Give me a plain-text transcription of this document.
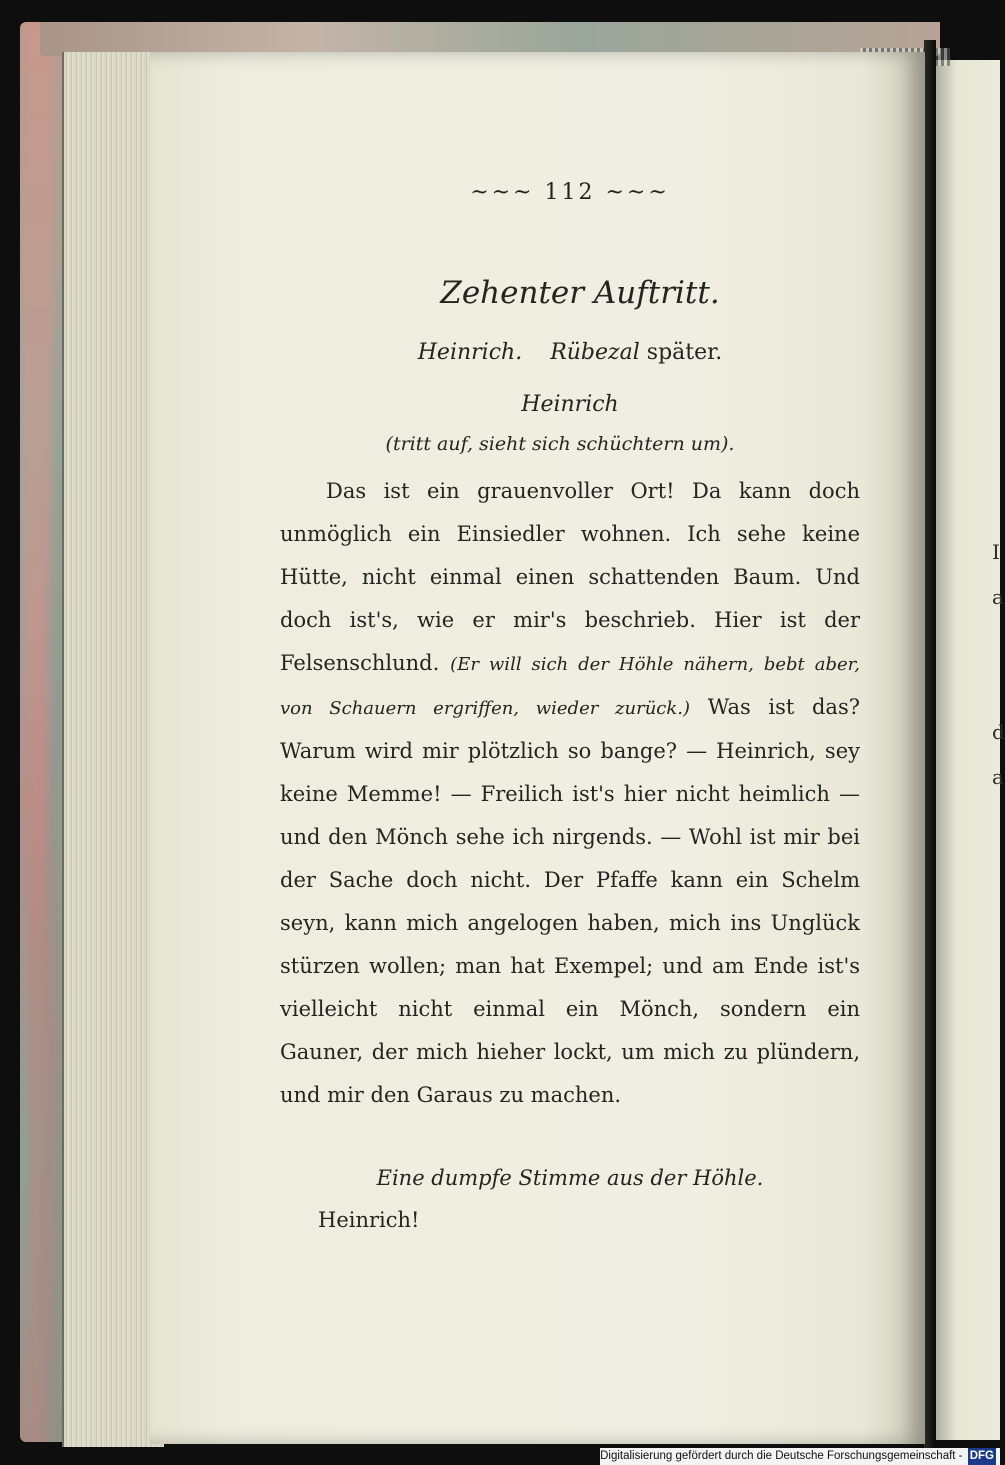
I
a
d
a
~~~ 112 ~~~
Zehenter Auftritt.
Heinrich. Rübezal später.
Heinrich
(tritt auf, sieht sich schüchtern um).

Das ist ein grauenvoller Ort! Da kann doch unmöglich ein Einsiedler wohnen. Ich sehe keine Hütte, nicht einmal einen schattenden Baum. Und doch ist's, wie er mir's beschrieb. Hier ist der Felsenschlund. (Er will sich der Höhle nähern, bebt aber, von Schauern ergriffen, wieder zurück.) Was ist das? Warum wird mir plötzlich so bange? — Heinrich, sey keine Memme! — Freilich ist's hier nicht heimlich — und den Mönch sehe ich nirgends. — Wohl ist mir bei der Sache doch nicht. Der Pfaffe kann ein Schelm seyn, kann mich angelogen haben, mich ins Unglück stürzen wollen; man hat Exempel; und am Ende ist's vielleicht nicht einmal ein Mönch, sondern ein Gauner, der mich hieher lockt, um mich zu plündern, und mir den Garaus zu machen.

Eine dumpfe Stimme aus der Höhle.
Heinrich!
Digitalisierung gefördert durch die Deutsche Forschungsgemeinschaft - DFG
